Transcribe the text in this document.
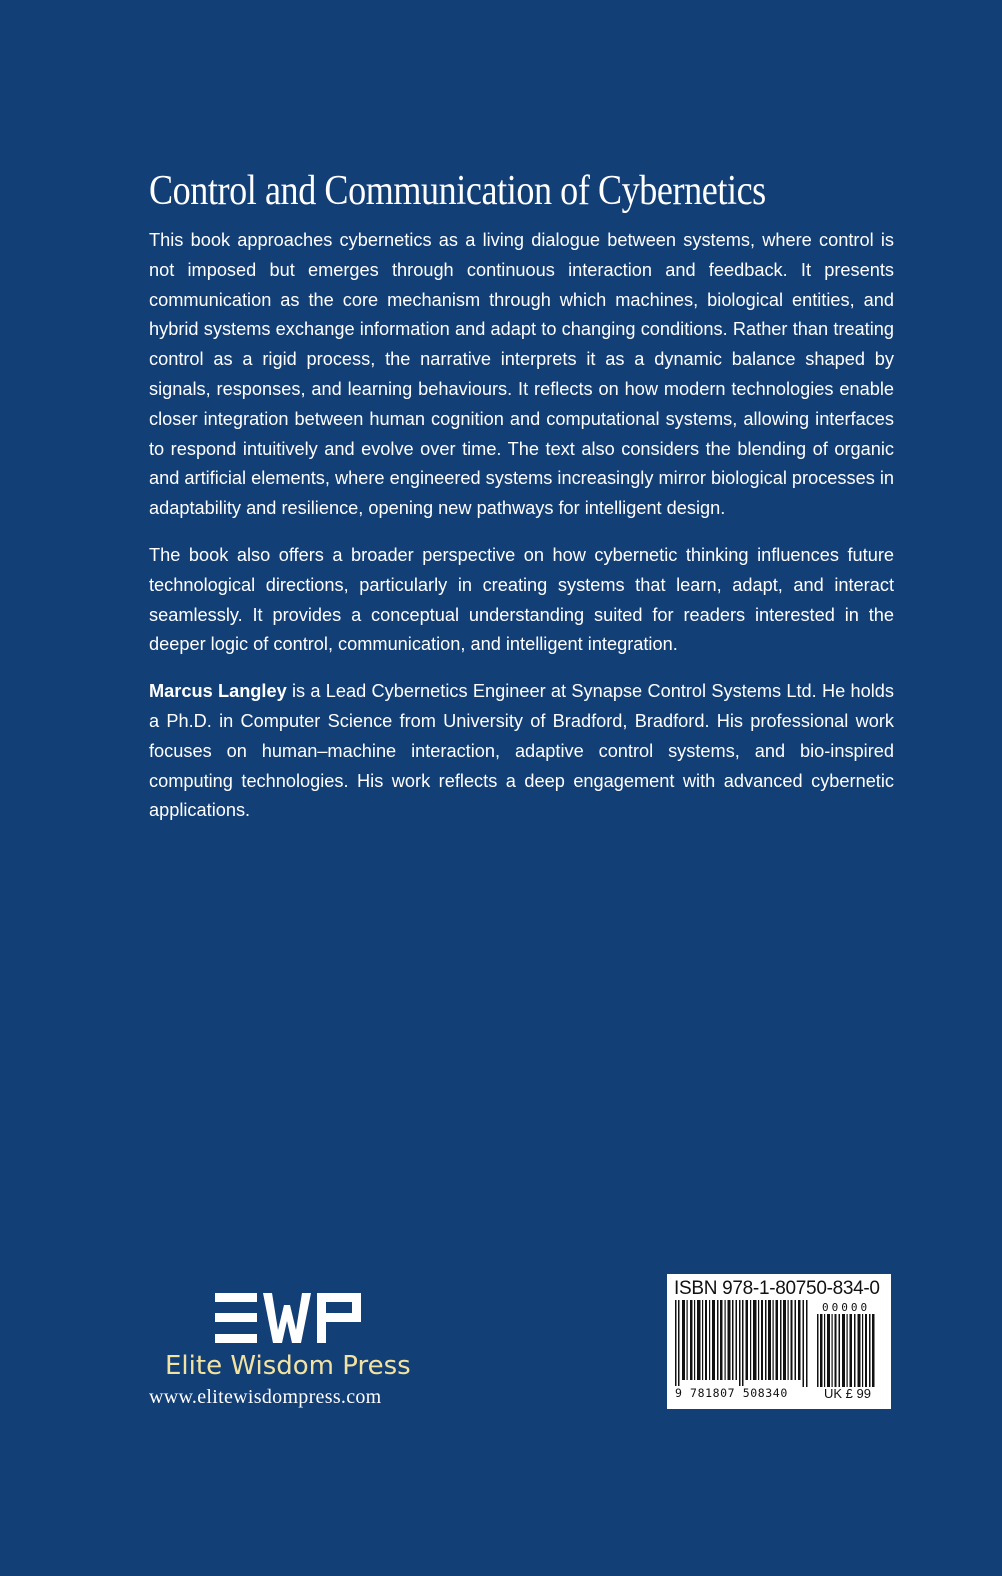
Control and Communication of Cybernetics

This book approaches cybernetics as a living dialogue between systems, where control is not imposed but emerges through continuous interaction and feedback. It presents communication as the core mechanism through which machines, biological entities, and hybrid systems exchange information and adapt to changing conditions. Rather than treating control as a rigid process, the narrative interprets it as a dynamic balance shaped by signals, responses, and learning behaviours. It reflects on how modern technologies enable closer integration between human cognition and computational systems, allowing interfaces to respond intuitively and evolve over time. The text also considers the blending of organic and artificial elements, where engineered systems increasingly mirror biological processes in adaptability and resilience, opening new pathways for intelligent design.

The book also offers a broader perspective on how cybernetic thinking influences future technological directions, particularly in creating systems that learn, adapt, and interact seamlessly. It provides a conceptual understanding suited for readers interested in the deeper logic of control, communication, and intelligent integration.

Marcus Langley is a Lead Cybernetics Engineer at Synapse Control Systems Ltd. He holds a Ph.D. in Computer Science from University of Bradford, Bradford. His professional work focuses on human–machine interaction, adaptive control systems, and bio-inspired computing technologies. His work reflects a deep engagement with advanced cybernetic applications.

Elite Wisdom Press
www.elitewisdompress.com
ISBN 978-1-80750-834-0
00000
9 781807 508340	UK £ 99
